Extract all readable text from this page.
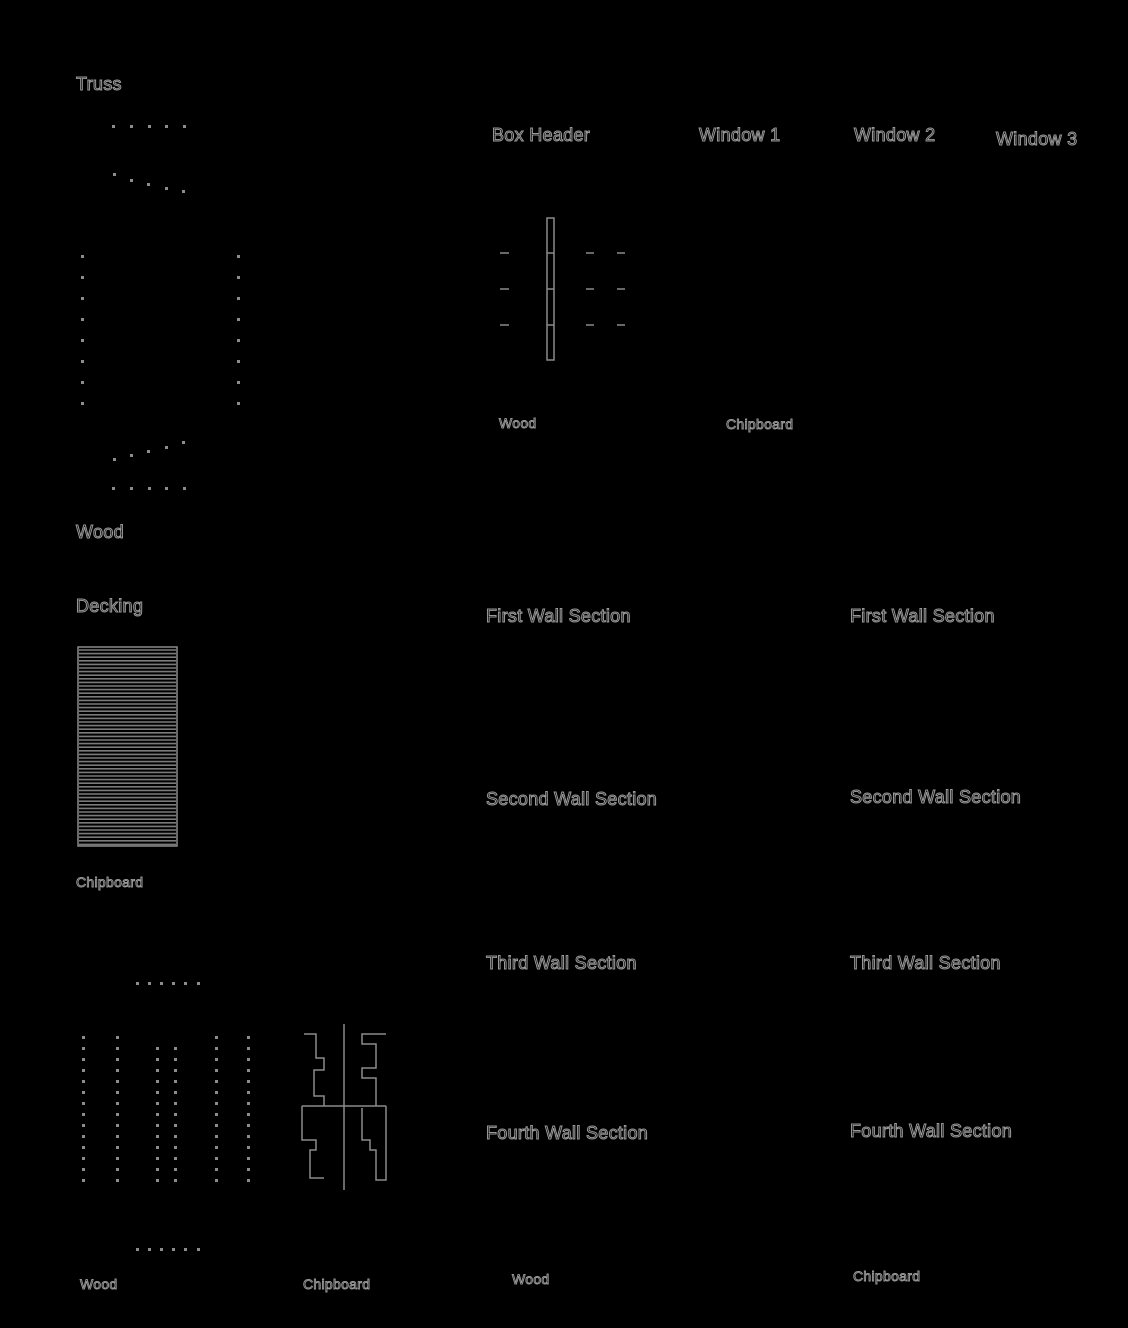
Truss
Wood
Decking
Chipboard
Wood	Chipboard
Box Header	Window 1	Window 2	Window 3
Wood	Chipboard
First Wall Section
Second Wall Section
Third Wall Section
Fourth Wall Section
Wood
First Wall Section
Second Wall Section
Third Wall Section
Fourth Wall Section
Chipboard
